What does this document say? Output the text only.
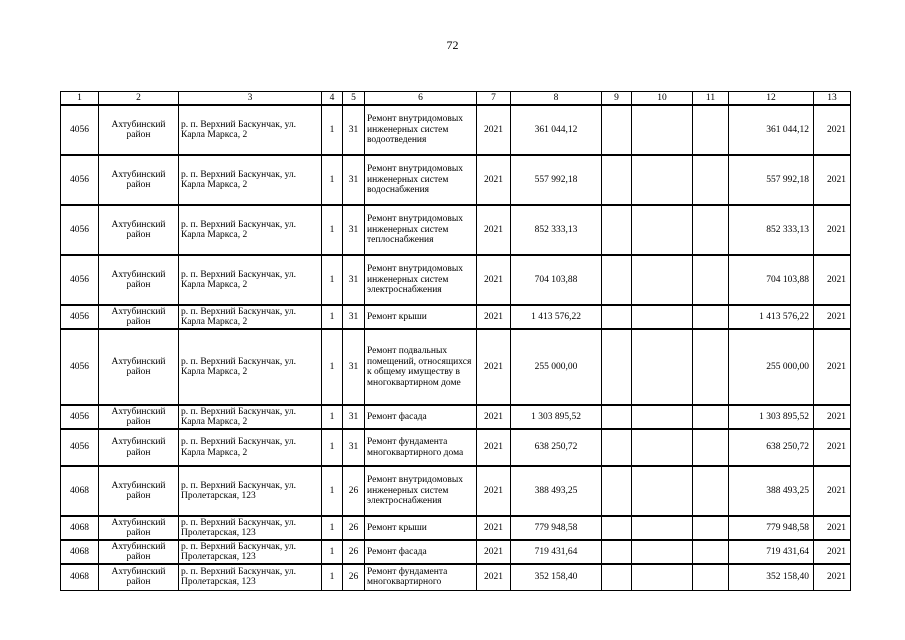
72
1	2	3	4	5	6	7	8	9	10	11	12	13
4056	Ахтубинский район	р. п. Верхний Баскунчак, ул. Карла Маркса, 2	1	31	Ремонт внутридомовых инженерных систем водоотведения	2021	361 044,12				361 044,12	2021
4056	Ахтубинский район	р. п. Верхний Баскунчак, ул. Карла Маркса, 2	1	31	Ремонт внутридомовых инженерных систем водоснабжения	2021	557 992,18				557 992,18	2021
4056	Ахтубинский район	р. п. Верхний Баскунчак, ул. Карла Маркса, 2	1	31	Ремонт внутридомовых инженерных систем теплоснабжения	2021	852 333,13				852 333,13	2021
4056	Ахтубинский район	р. п. Верхний Баскунчак, ул. Карла Маркса, 2	1	31	Ремонт внутридомовых инженерных систем электроснабжения	2021	704 103,88				704 103,88	2021
4056	Ахтубинский район	р. п. Верхний Баскунчак, ул. Карла Маркса, 2	1	31	Ремонт крыши	2021	1 413 576,22				1 413 576,22	2021
4056	Ахтубинский район	р. п. Верхний Баскунчак, ул. Карла Маркса, 2	1	31	Ремонт подвальных помещений, относящихся к общему имуществу в многоквартирном доме	2021	255 000,00				255 000,00	2021
4056	Ахтубинский район	р. п. Верхний Баскунчак, ул. Карла Маркса, 2	1	31	Ремонт фасада	2021	1 303 895,52				1 303 895,52	2021
4056	Ахтубинский район	р. п. Верхний Баскунчак, ул. Карла Маркса, 2	1	31	Ремонт фундамента многоквартирного дома	2021	638 250,72				638 250,72	2021
4068	Ахтубинский район	р. п. Верхний Баскунчак, ул. Пролетарская, 123	1	26	Ремонт внутридомовых инженерных систем электроснабжения	2021	388 493,25				388 493,25	2021
4068	Ахтубинский район	р. п. Верхний Баскунчак, ул. Пролетарская, 123	1	26	Ремонт крыши	2021	779 948,58				779 948,58	2021
4068	Ахтубинский район	р. п. Верхний Баскунчак, ул. Пролетарская, 123	1	26	Ремонт фасада	2021	719 431,64				719 431,64	2021
4068	Ахтубинский район	р. п. Верхний Баскунчак, ул. Пролетарская, 123	1	26	Ремонт фундамента многоквартирного	2021	352 158,40				352 158,40	2021
